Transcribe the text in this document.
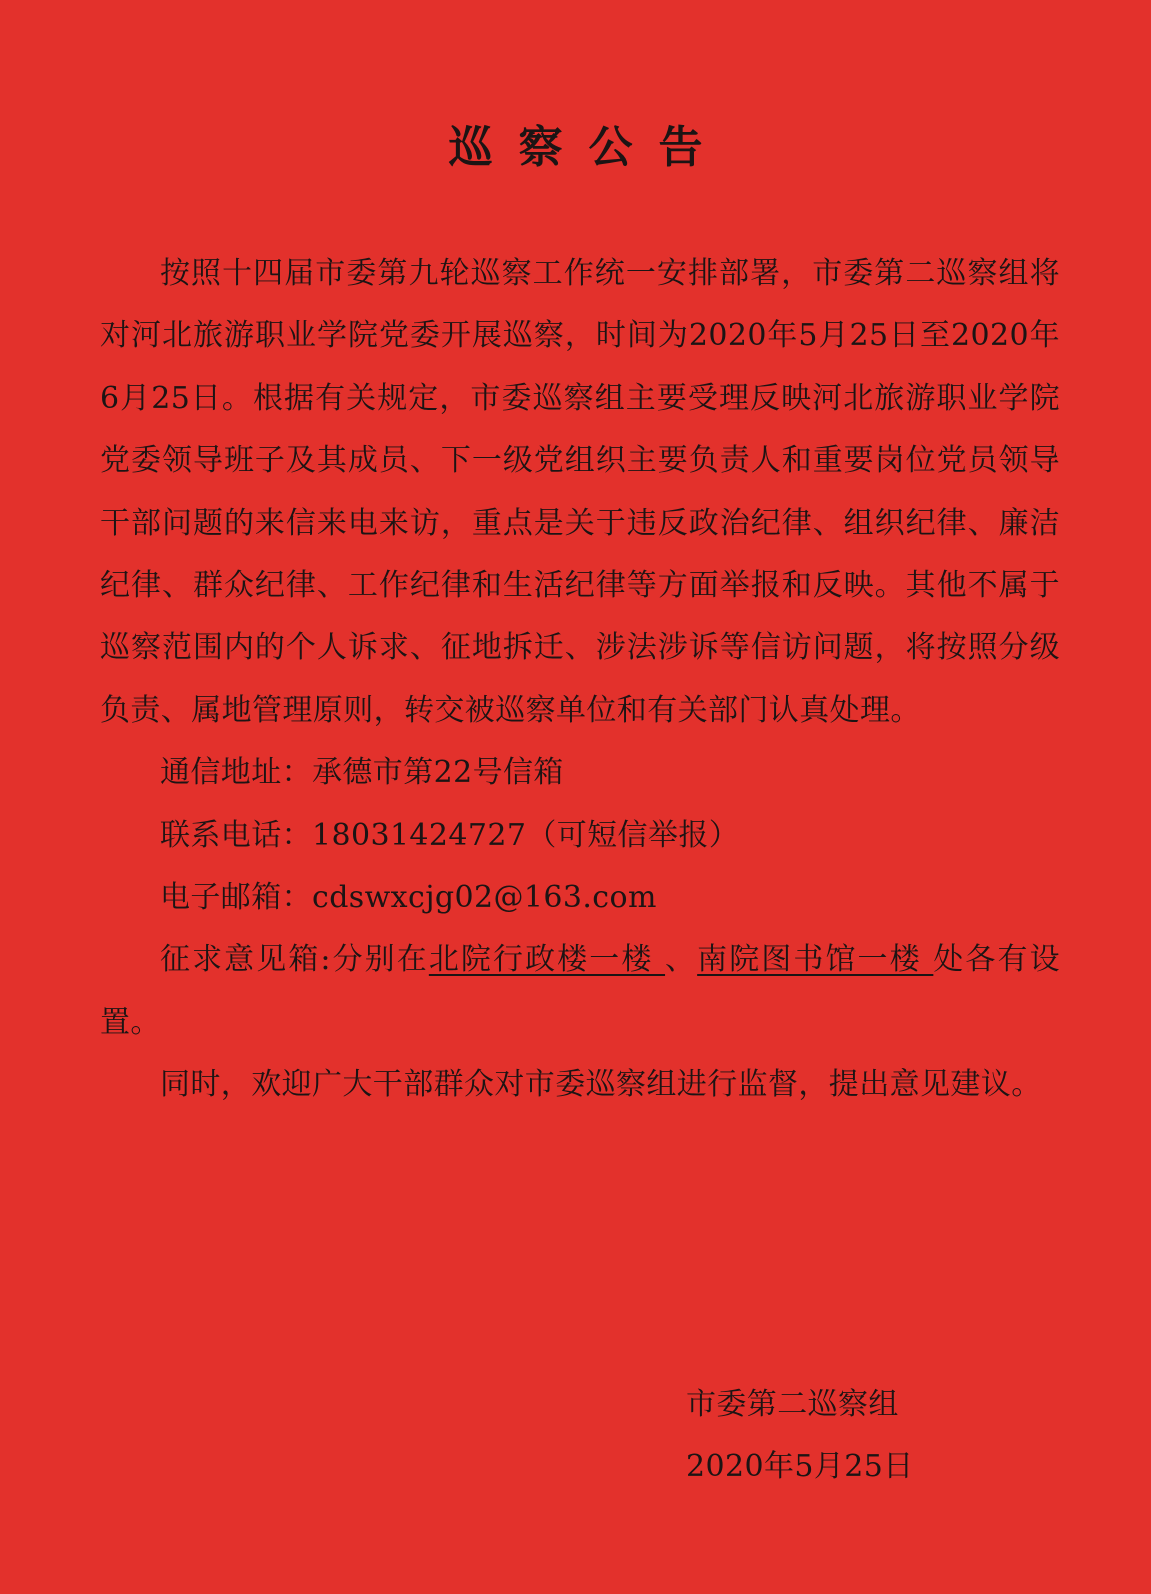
巡察公告

按照十四届市委第九轮巡察工作统一安排部署，市委第二巡察组将对河北旅游职业学院党委开展巡察，时间为2020年5月25日至2020年6月25日。根据有关规定，市委巡察组主要受理反映河北旅游职业学院党委领导班子及其成员、下一级党组织主要负责人和重要岗位党员领导干部问题的来信来电来访，重点是关于违反政治纪律、组织纪律、廉洁纪律、群众纪律、工作纪律和生活纪律等方面举报和反映。其他不属于巡察范围内的个人诉求、征地拆迁、涉法涉诉等信访问题，将按照分级负责、属地管理原则，转交被巡察单位和有关部门认真处理。

通信地址：承德市第22号信箱

联系电话：18031424727（可短信举报）

电子邮箱：cdswxcjg02@163.com

征求意见箱:分别在北院行政楼一楼 、南院图书馆一楼 处各有设置。

同时，欢迎广大干部群众对市委巡察组进行监督，提出意见建议。

市委第二巡察组
2020年5月25日
